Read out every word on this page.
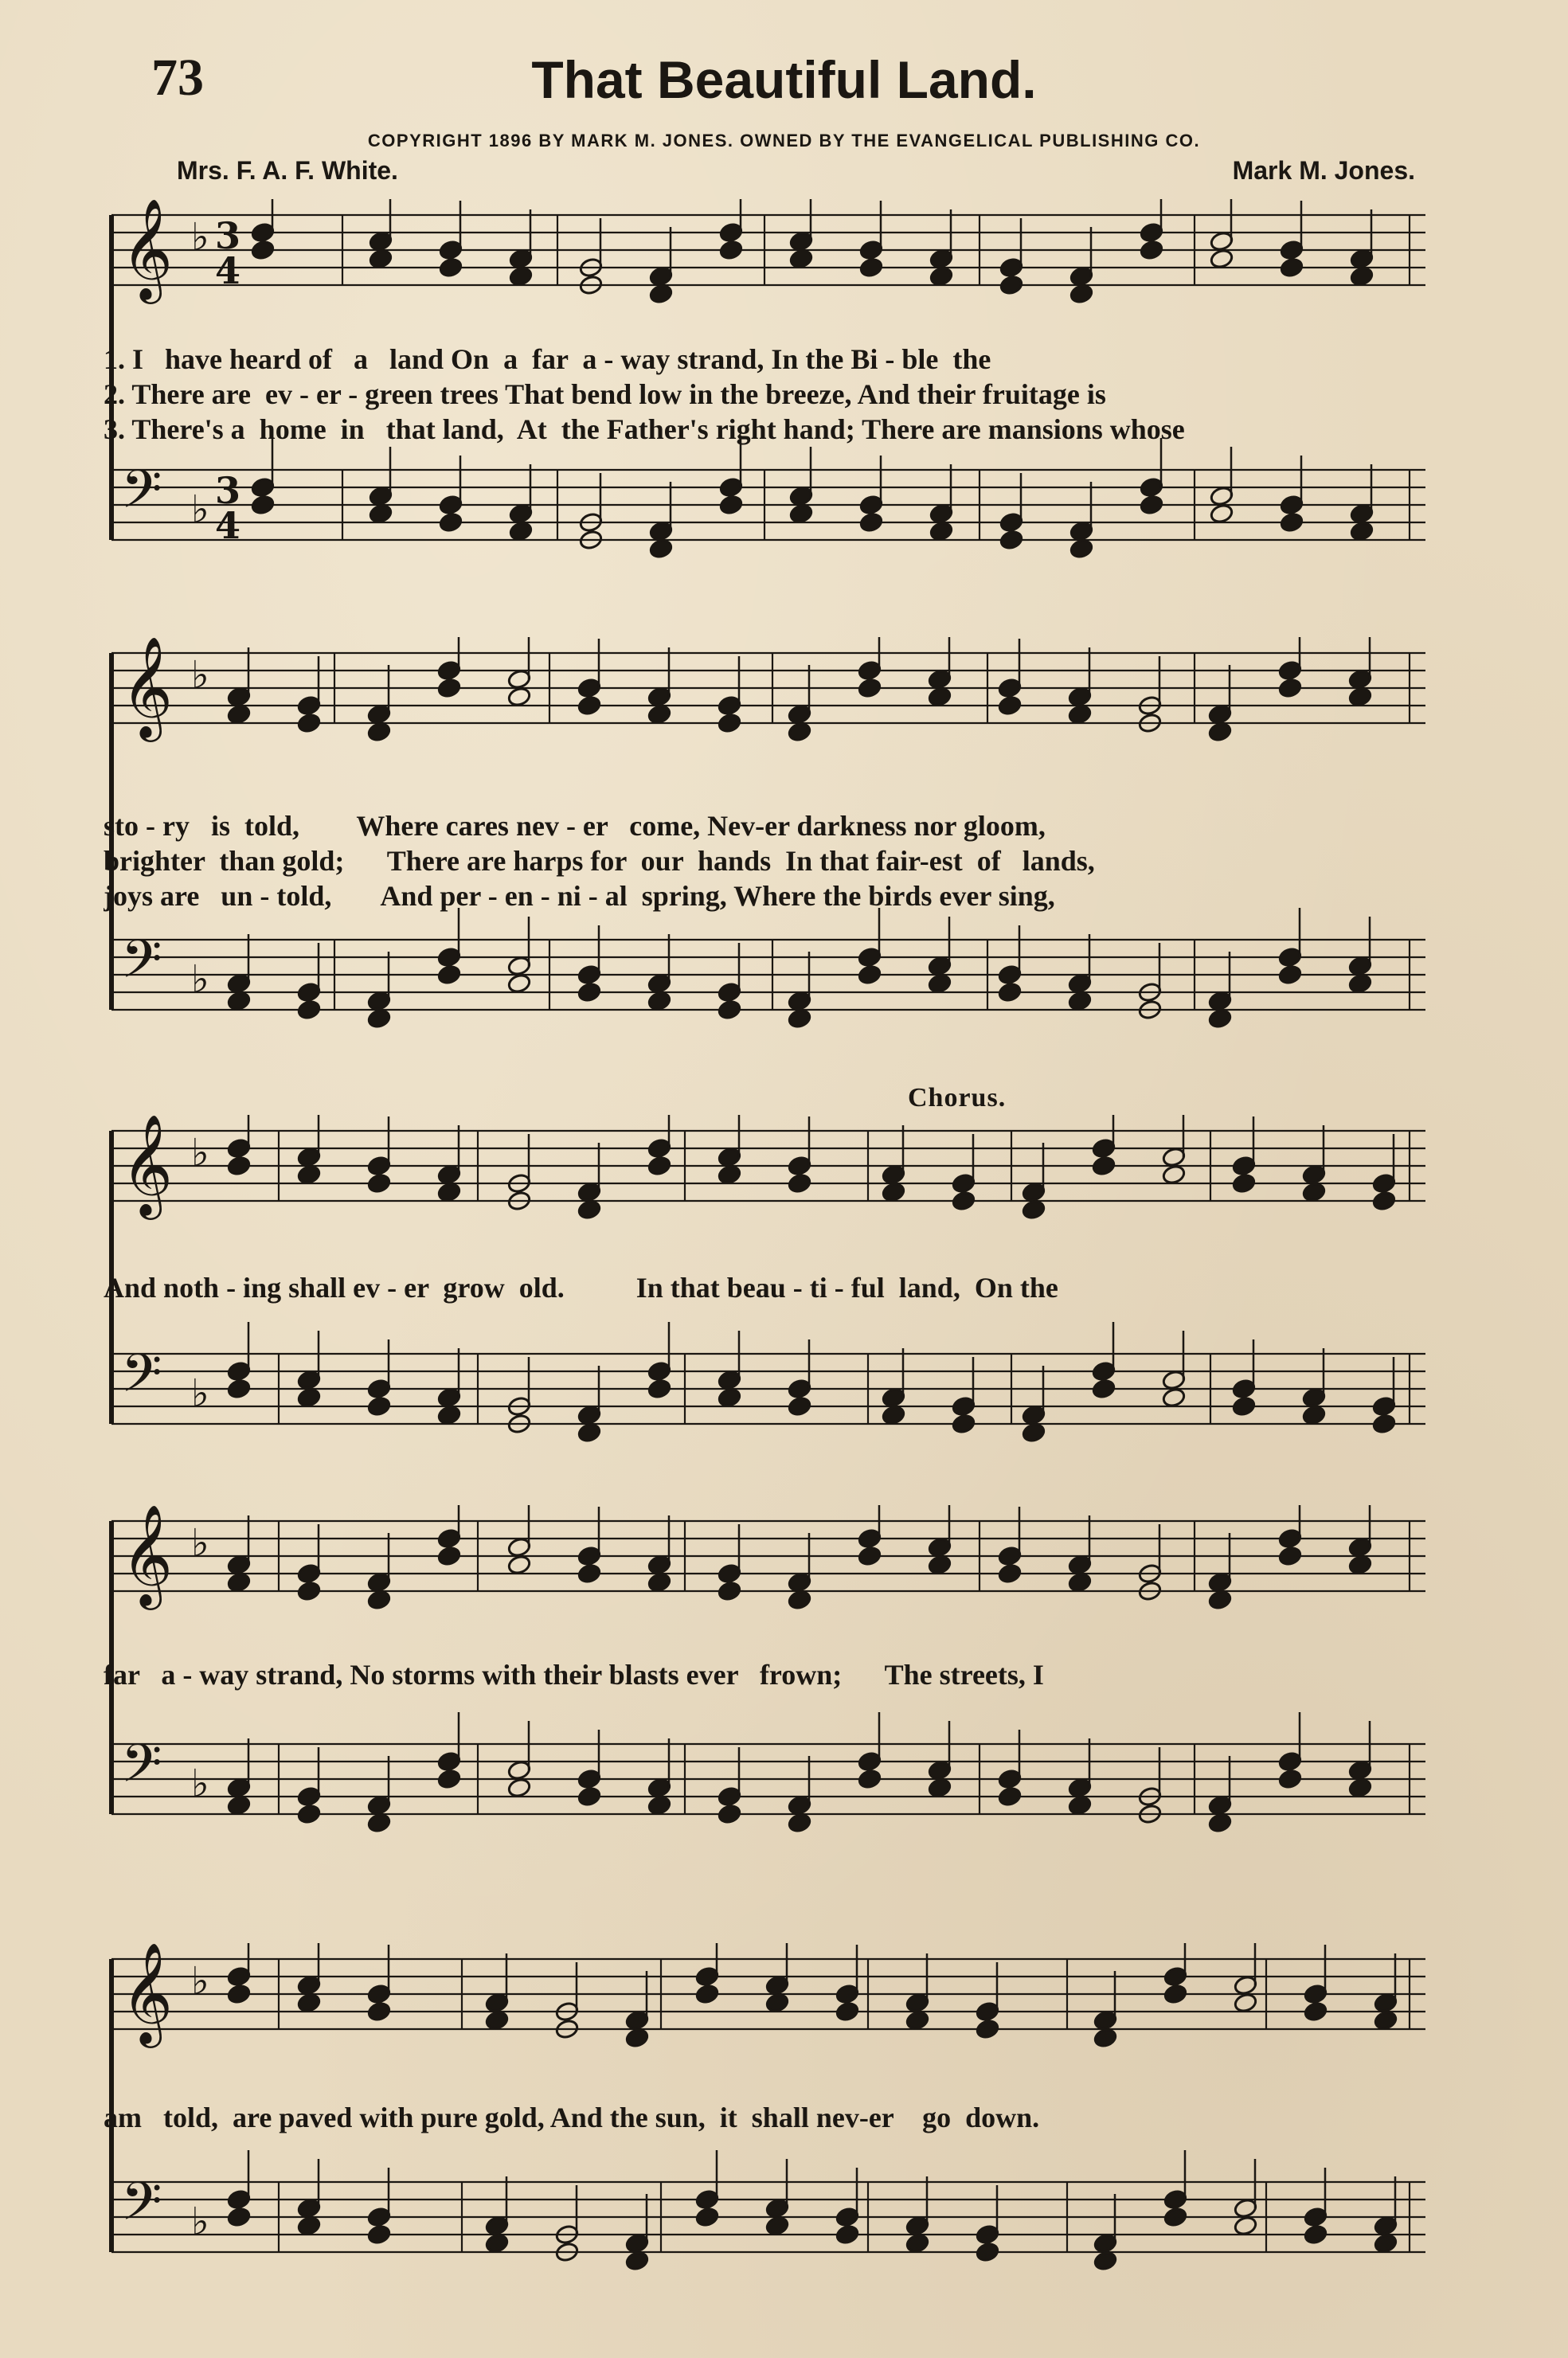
73	That Beautiful Land.
COPYRIGHT 1896 BY MARK M. JONES. OWNED BY THE EVANGELICAL PUBLISHING CO.
Mrs. F. A. F. White.	Mark M. Jones.
𝄞 ♭ 3
4
𝄢 ♭ 3
4
1. I   have heard of   a   land On  a  far  a - way strand, In the Bi - ble  the
2. There are  ev - er - green trees That bend low in the breeze, And their fruitage is
3. There's a  home  in   that land,  At  the Father's right hand; There are mansions whose
𝄞 ♭
𝄢 ♭
sto - ry   is  told,        Where cares nev - er   come, Nev-er darkness nor gloom,
brighter  than gold;      There are harps for  our  hands  In that fair-est  of   lands,
joys are   un - told,       And per - en - ni - al  spring, Where the birds ever sing,
Chorus.
𝄞 ♭
𝄢 ♭
And noth - ing shall ev - er  grow  old.          In that beau - ti - ful  land,  On the
𝄞 ♭
𝄢 ♭
far   a - way strand, No storms with their blasts ever   frown;      The streets, I
𝄞 ♭
𝄢 ♭
am   told,  are paved with pure gold, And the sun,  it  shall nev-er    go  down.
